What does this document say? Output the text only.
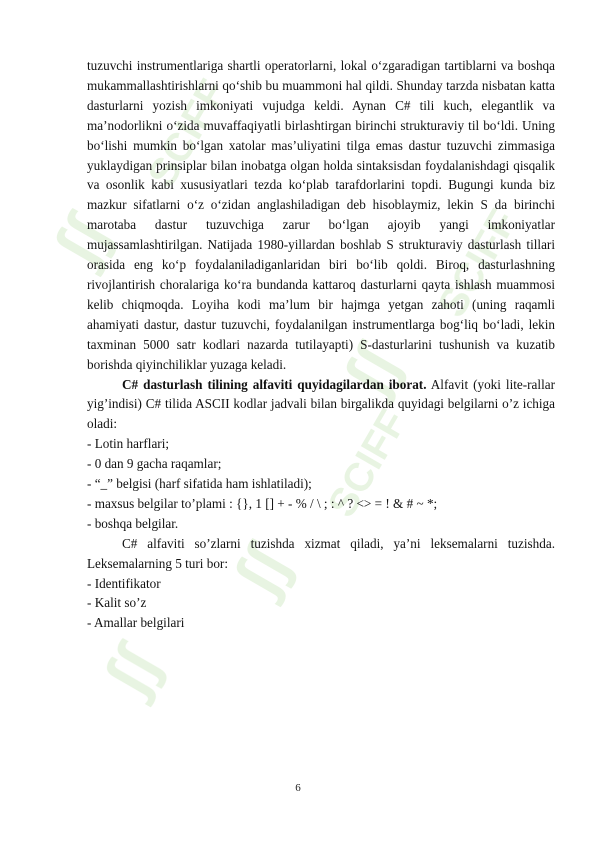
ʃʃ
SCIFF
ʃʃ
SCIFF
ʃʃ
SCIFF
ʃʃ

tuzuvchi instrumentlariga shartli operatorlarni, lokal o‘zgaradigan tartiblarni va boshqa mukammallashtirishlarni qo‘shib bu muammoni hal qildi. Shunday tarzda nisbatan katta dasturlarni yozish imkoniyati vujudga keldi. Aynan C# tili kuch, elegantlik va ma’nodorlikni o‘zida muvaffaqiyatli birlashtirgan birinchi strukturaviy til bo‘ldi. Uning bo‘lishi mumkin bo‘lgan xatolar mas’uliyatini tilga emas dastur tuzuvchi zimmasiga yuklaydigan prinsiplar bilan inobatga olgan holda sintaksisdan foydalanishdagi qisqalik va osonlik kabi xususiyatlari tezda ko‘plab tarafdorlarini topdi. Bugungi kunda biz mazkur sifatlarni o‘z o‘zidan anglashiladigan deb hisoblaymiz, lekin S da birinchi marotaba dastur tuzuvchiga zarur bo‘lgan ajoyib yangi imkoniyatlar mujassamlashtirilgan. Natijada 1980-yillardan boshlab S strukturaviy dasturlash tillari orasida eng ko‘p foydalaniladiganlaridan biri bo‘lib qoldi. Biroq, dasturlashning rivojlantirish choralariga ko‘ra bundanda kattaroq dasturlarni qayta ishlash muammosi kelib chiqmoqda. Loyiha kodi ma’lum bir hajmga yetgan zahoti (uning raqamli ahamiyati dastur, dastur tuzuvchi, foydalanilgan instrumentlarga bog‘liq bo‘ladi, lekin taxminan 5000 satr kodlari nazarda tutilayapti) S-dasturlarini tushunish va kuzatib borishda qiyinchiliklar yuzaga keladi.

C# dasturlash tilining alfaviti quyidagilardan iborat. Alfavit (yoki lite-rallar yig’indisi) C# tilida ASCII kodlar jadvali bilan birgalikda quyidagi belgilarni o’z ichiga oladi:

- Lotin harflari;

- 0 dan 9 gacha raqamlar;

- “_” belgisi (harf sifatida ham ishlatiladi);

- maxsus belgilar to’plami : {}, 1 [] + - % / \ ; : ^ ? <> = ! & # ~ *;

- boshqa belgilar.

C# alfaviti so’zlarni tuzishda xizmat qiladi, ya’ni leksemalarni tuzishda. Leksemalarning 5 turi bor:

- Identifikator

- Kalit so’z

- Amallar belgilari

6
